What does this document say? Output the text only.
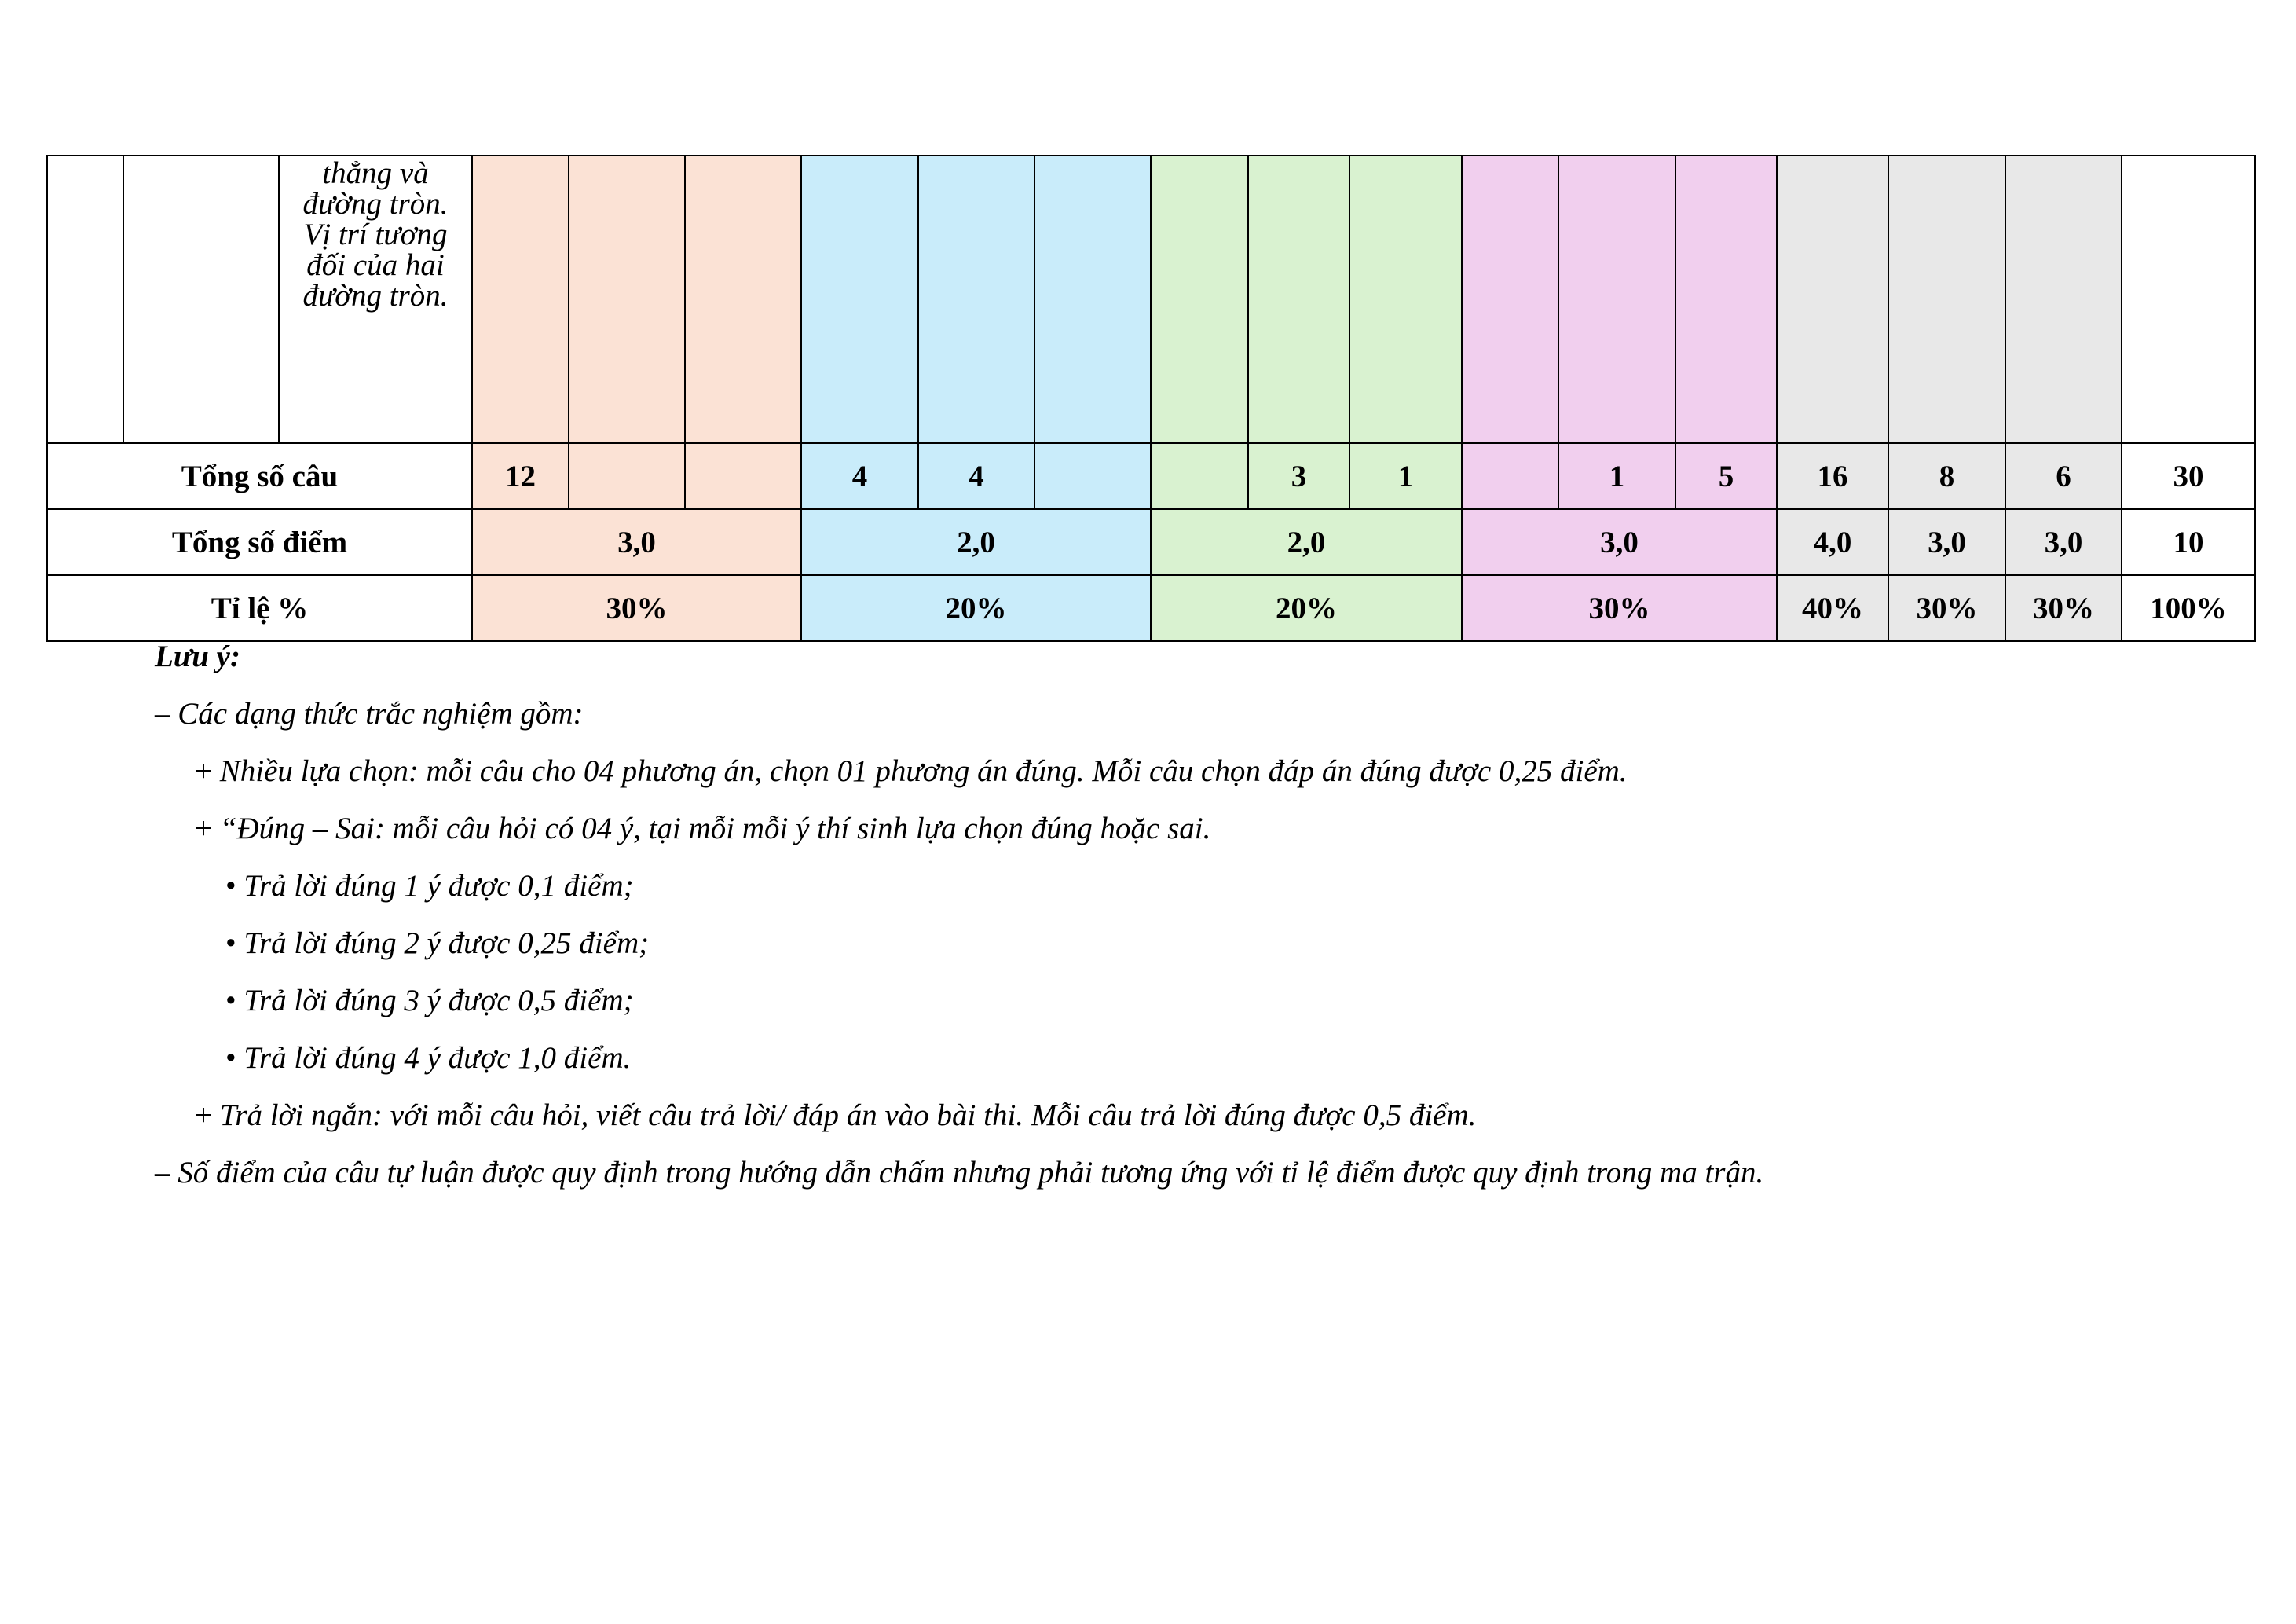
		thẳng và
đường tròn.
Vị trí tương
đối của hai
đường tròn.																

Tổng số câu			12			4	4			3	1		1	5	16	8	6	30
Tổng số điểm			3,0			2,0			2,0			3,0			4,0	3,0	3,0	10
Tỉ lệ %			30%			20%			20%			30%			40%	30%	30%	100%
Lưu ý:
– Các dạng thức trắc nghiệm gồm:
+ Nhiều lựa chọn: mỗi câu cho 04 phương án, chọn 01 phương án đúng. Mỗi câu chọn đáp án đúng được 0,25 điểm.
+ “Đúng – Sai: mỗi câu hỏi có 04 ý, tại mỗi mỗi ý thí sinh lựa chọn đúng hoặc sai.
• Trả lời đúng 1 ý được 0,1 điểm;
• Trả lời đúng 2 ý được 0,25 điểm;
• Trả lời đúng 3 ý được 0,5 điểm;
• Trả lời đúng 4 ý được 1,0 điểm.
+ Trả lời ngắn: với mỗi câu hỏi, viết câu trả lời/ đáp án vào bài thi. Mỗi câu trả lời đúng được 0,5 điểm.
– Số điểm của câu tự luận được quy định trong hướng dẫn chấm nhưng phải tương ứng với tỉ lệ điểm được quy định trong ma trận.
